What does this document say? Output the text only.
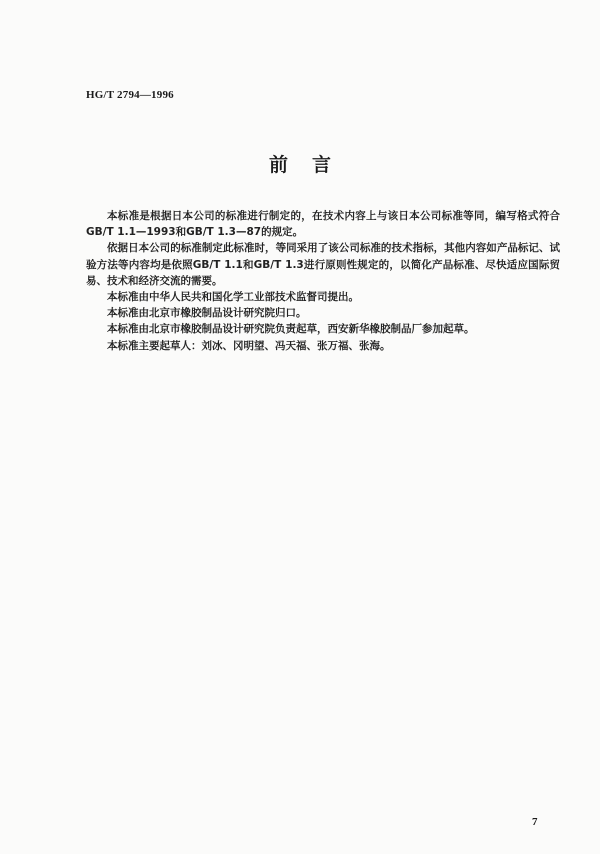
HG/T 2794—1996
前言

本标准是根据日本公司的标准进行制定的，在技术内容上与该日本公司标准等同，编写格式符合GB/T 1.1—1993和GB/T 1.3—87的规定。

依据日本公司的标准制定此标准时，等同采用了该公司标准的技术指标，其他内容如产品标记、试验方法等内容均是依照GB/T 1.1和GB/T 1.3进行原则性规定的，以简化产品标准、尽快适应国际贸易、技术和经济交流的需要。

本标准由中华人民共和国化学工业部技术监督司提出。

本标准由北京市橡胶制品设计研究院归口。

本标准由北京市橡胶制品设计研究院负责起草，西安新华橡胶制品厂参加起草。

本标准主要起草人：刘冰、冈明望、冯天福、张万福、张海。

7
